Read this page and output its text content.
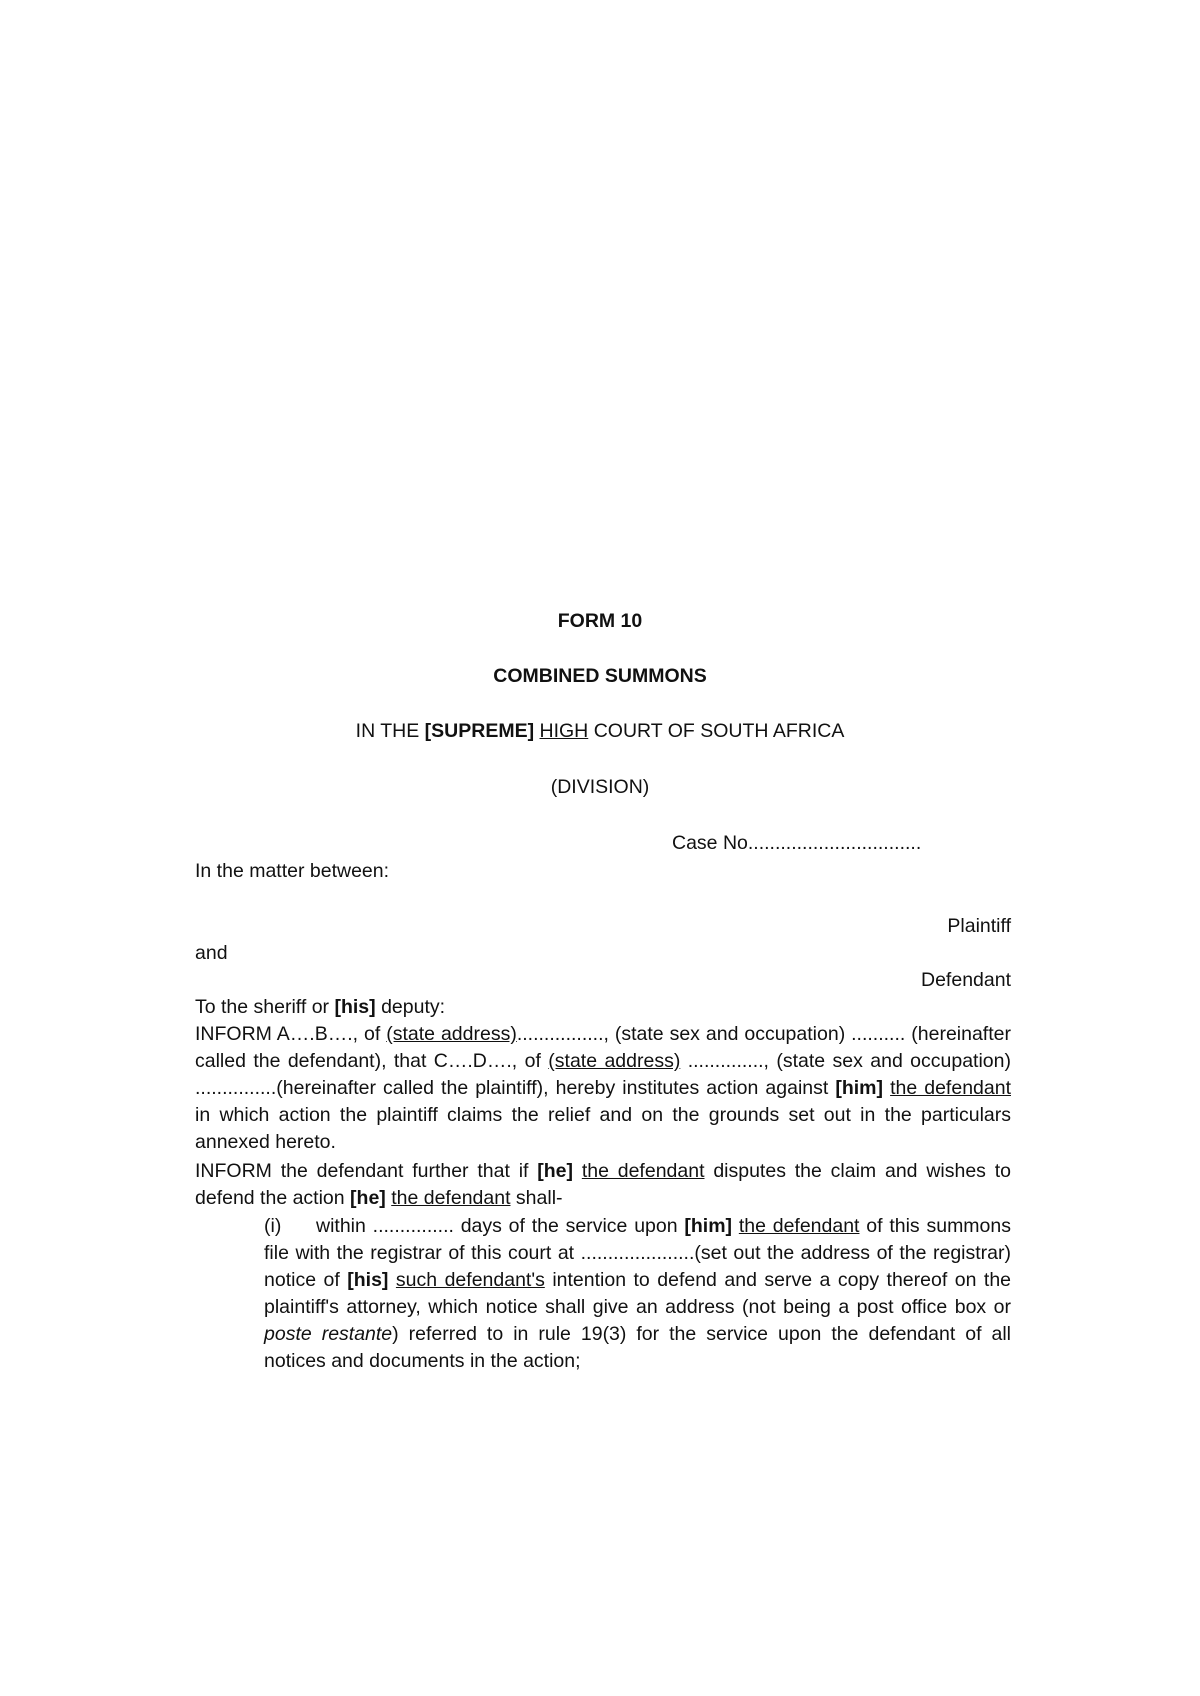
FORM 10
COMBINED SUMMONS
IN THE [SUPREME] HIGH COURT OF SOUTH AFRICA
(DIVISION)
Case No................................
In the matter between:
Plaintiff
and
Defendant
To the sheriff or [his] deputy:
INFORM A….B…., of (state address)................, (state sex and occupation) .......... (hereinafter called the defendant), that C….D…., of (state address) .............., (state sex and occupation) ...............(hereinafter called the plaintiff), hereby institutes action against [him] the defendant in which action the plaintiff claims the relief and on the grounds set out in the particulars annexed hereto.
INFORM the defendant further that if [he] the defendant disputes the claim and wishes to defend the action [he] the defendant shall-
(i) within ............... days of the service upon [him] the defendant of this summons file with the registrar of this court at .....................(set out the address of the registrar) notice of [his] such defendant's intention to defend and serve a copy thereof on the plaintiff's attorney, which notice shall give an address (not being a post office box or poste restante) referred to in rule 19(3) for the service upon the defendant of all notices and documents in the action;
